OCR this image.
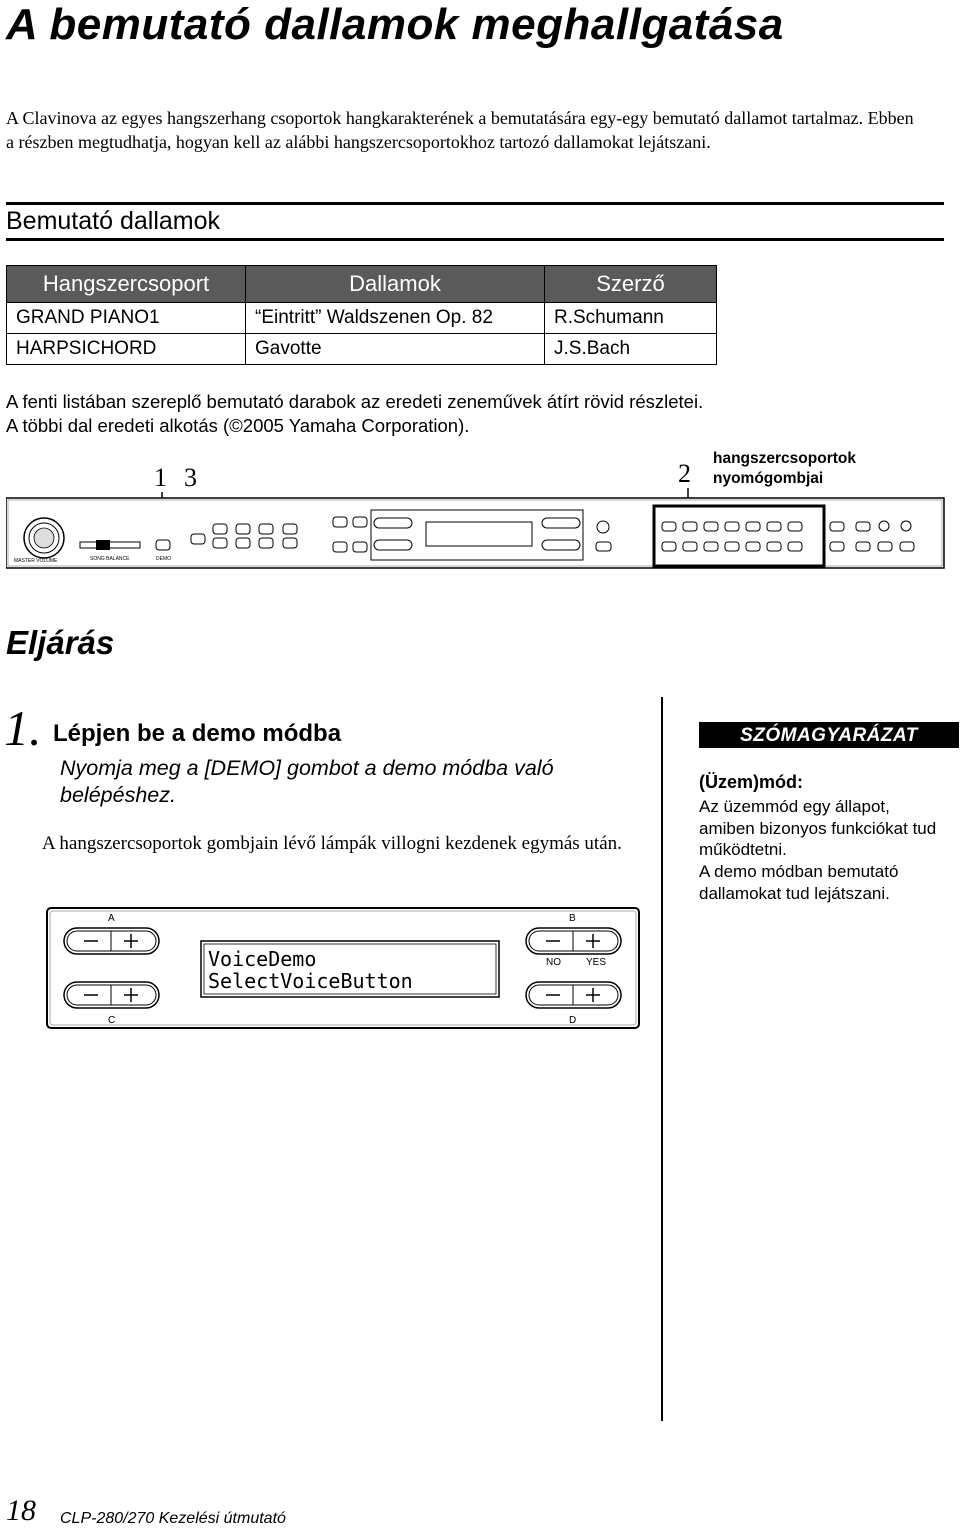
A bemutató dallamok meghallgatása
A Clavinova az egyes hangszerhang csoportok hangkarakterének a bemutatására egy-egy bemutató dallamot tartalmaz. Ebben a részben megtudhatja, hogyan kell az alábbi hangszercsoportokhoz tartozó dallamokat lejátszani.
Bemutató dallamok
Hangszercsoport	Dallamok	Szerző
GRAND PIANO1	“Eintritt” Waldszenen Op. 82	R.Schumann
HARPSICHORD	Gavotte	J.S.Bach
A fenti listában szereplő bemutató darabok az eredeti zeneművek átírt rövid részletei.
A többi dal eredeti alkotás (©2005 Yamaha Corporation).
1 3	2
MASTER VOLUME	SONG BALANCE	DEMO
hangszercsoportok
nyomógombjai
Eljárás
1. Lépjen be a demo módba
Nyomja meg a [DEMO] gombot a demo módba való belépéshez.
A hangszercsoportok gombjain lévő lámpák villogni kezdenek egymás után.
A	B
C	D
NO	YES
VoiceDemo
SelectVoiceButton
SZÓMAGYARÁZAT
(Üzem)mód:
Az üzemmód egy állapot, amiben bizonyos funkciókat tud működtetni.
A demo módban bemutató dallamokat tud lejátszani.
18 CLP-280/270 Kezelési útmutató
